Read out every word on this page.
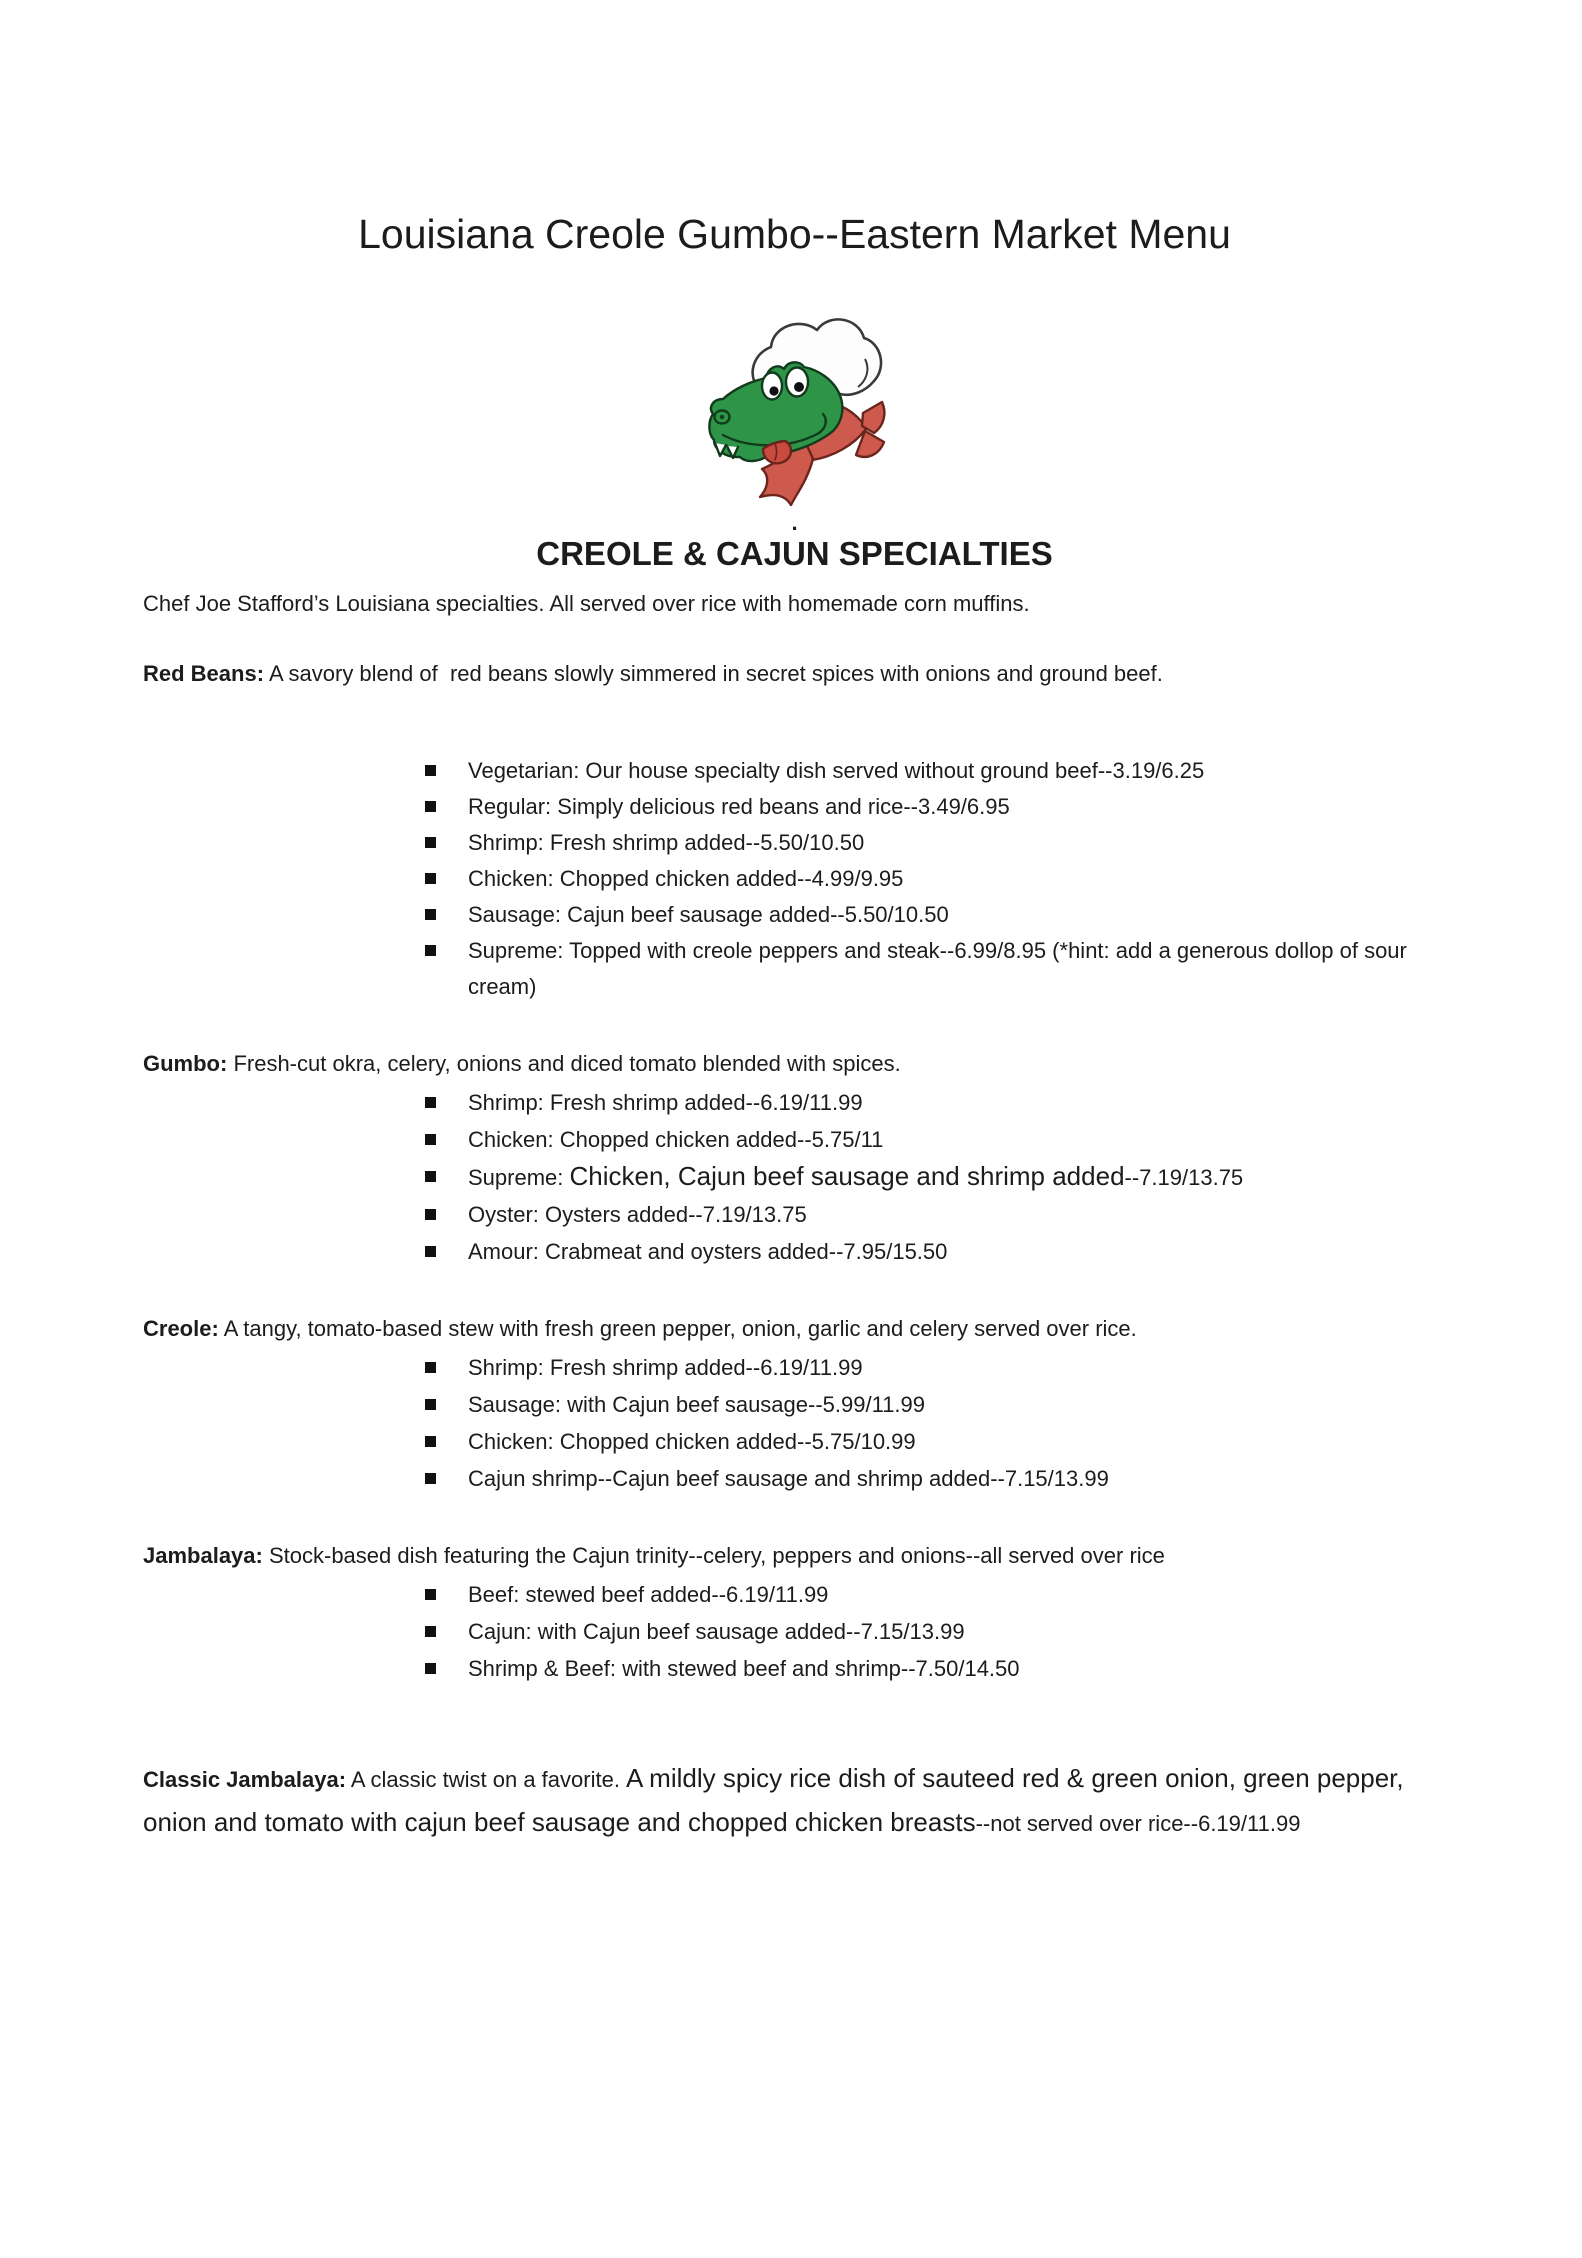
Louisiana Creole Gumbo--Eastern Market Menu
.
CREOLE & CAJUN SPECIALTIES

Chef Joe Stafford’s Louisiana specialties. All served over rice with homemade corn muffins.

Red Beans: A savory blend of  red beans slowly simmered in secret spices with onions and ground beef.

Vegetarian: Our house specialty dish served without ground beef--3.19/6.25
Regular: Simply delicious red beans and rice--3.49/6.95
Shrimp: Fresh shrimp added--5.50/10.50
Chicken: Chopped chicken added--4.99/9.95
Sausage: Cajun beef sausage added--5.50/10.50
Supreme: Topped with creole peppers and steak--6.99/8.95 (*hint: add a generous dollop of sour cream)

Gumbo: Fresh-cut okra, celery, onions and diced tomato blended with spices.

Shrimp: Fresh shrimp added--6.19/11.99
Chicken: Chopped chicken added--5.75/11
Supreme: Chicken, Cajun beef sausage and shrimp added--7.19/13.75
Oyster: Oysters added--7.19/13.75
Amour: Crabmeat and oysters added--7.95/15.50

Creole: A tangy, tomato-based stew with fresh green pepper, onion, garlic and celery served over rice.

Shrimp: Fresh shrimp added--6.19/11.99
Sausage: with Cajun beef sausage--5.99/11.99
Chicken: Chopped chicken added--5.75/10.99
Cajun shrimp--Cajun beef sausage and shrimp added--7.15/13.99

Jambalaya: Stock-based dish featuring the Cajun trinity--celery, peppers and onions--all served over rice

Beef: stewed beef added--6.19/11.99
Cajun: with Cajun beef sausage added--7.15/13.99
Shrimp & Beef: with stewed beef and shrimp--7.50/14.50

Classic Jambalaya: A classic twist on a favorite. A mildly spicy rice dish of sauteed red & green onion, green pepper, onion and tomato with cajun beef sausage and chopped chicken breasts--not served over rice--6.19/11.99
